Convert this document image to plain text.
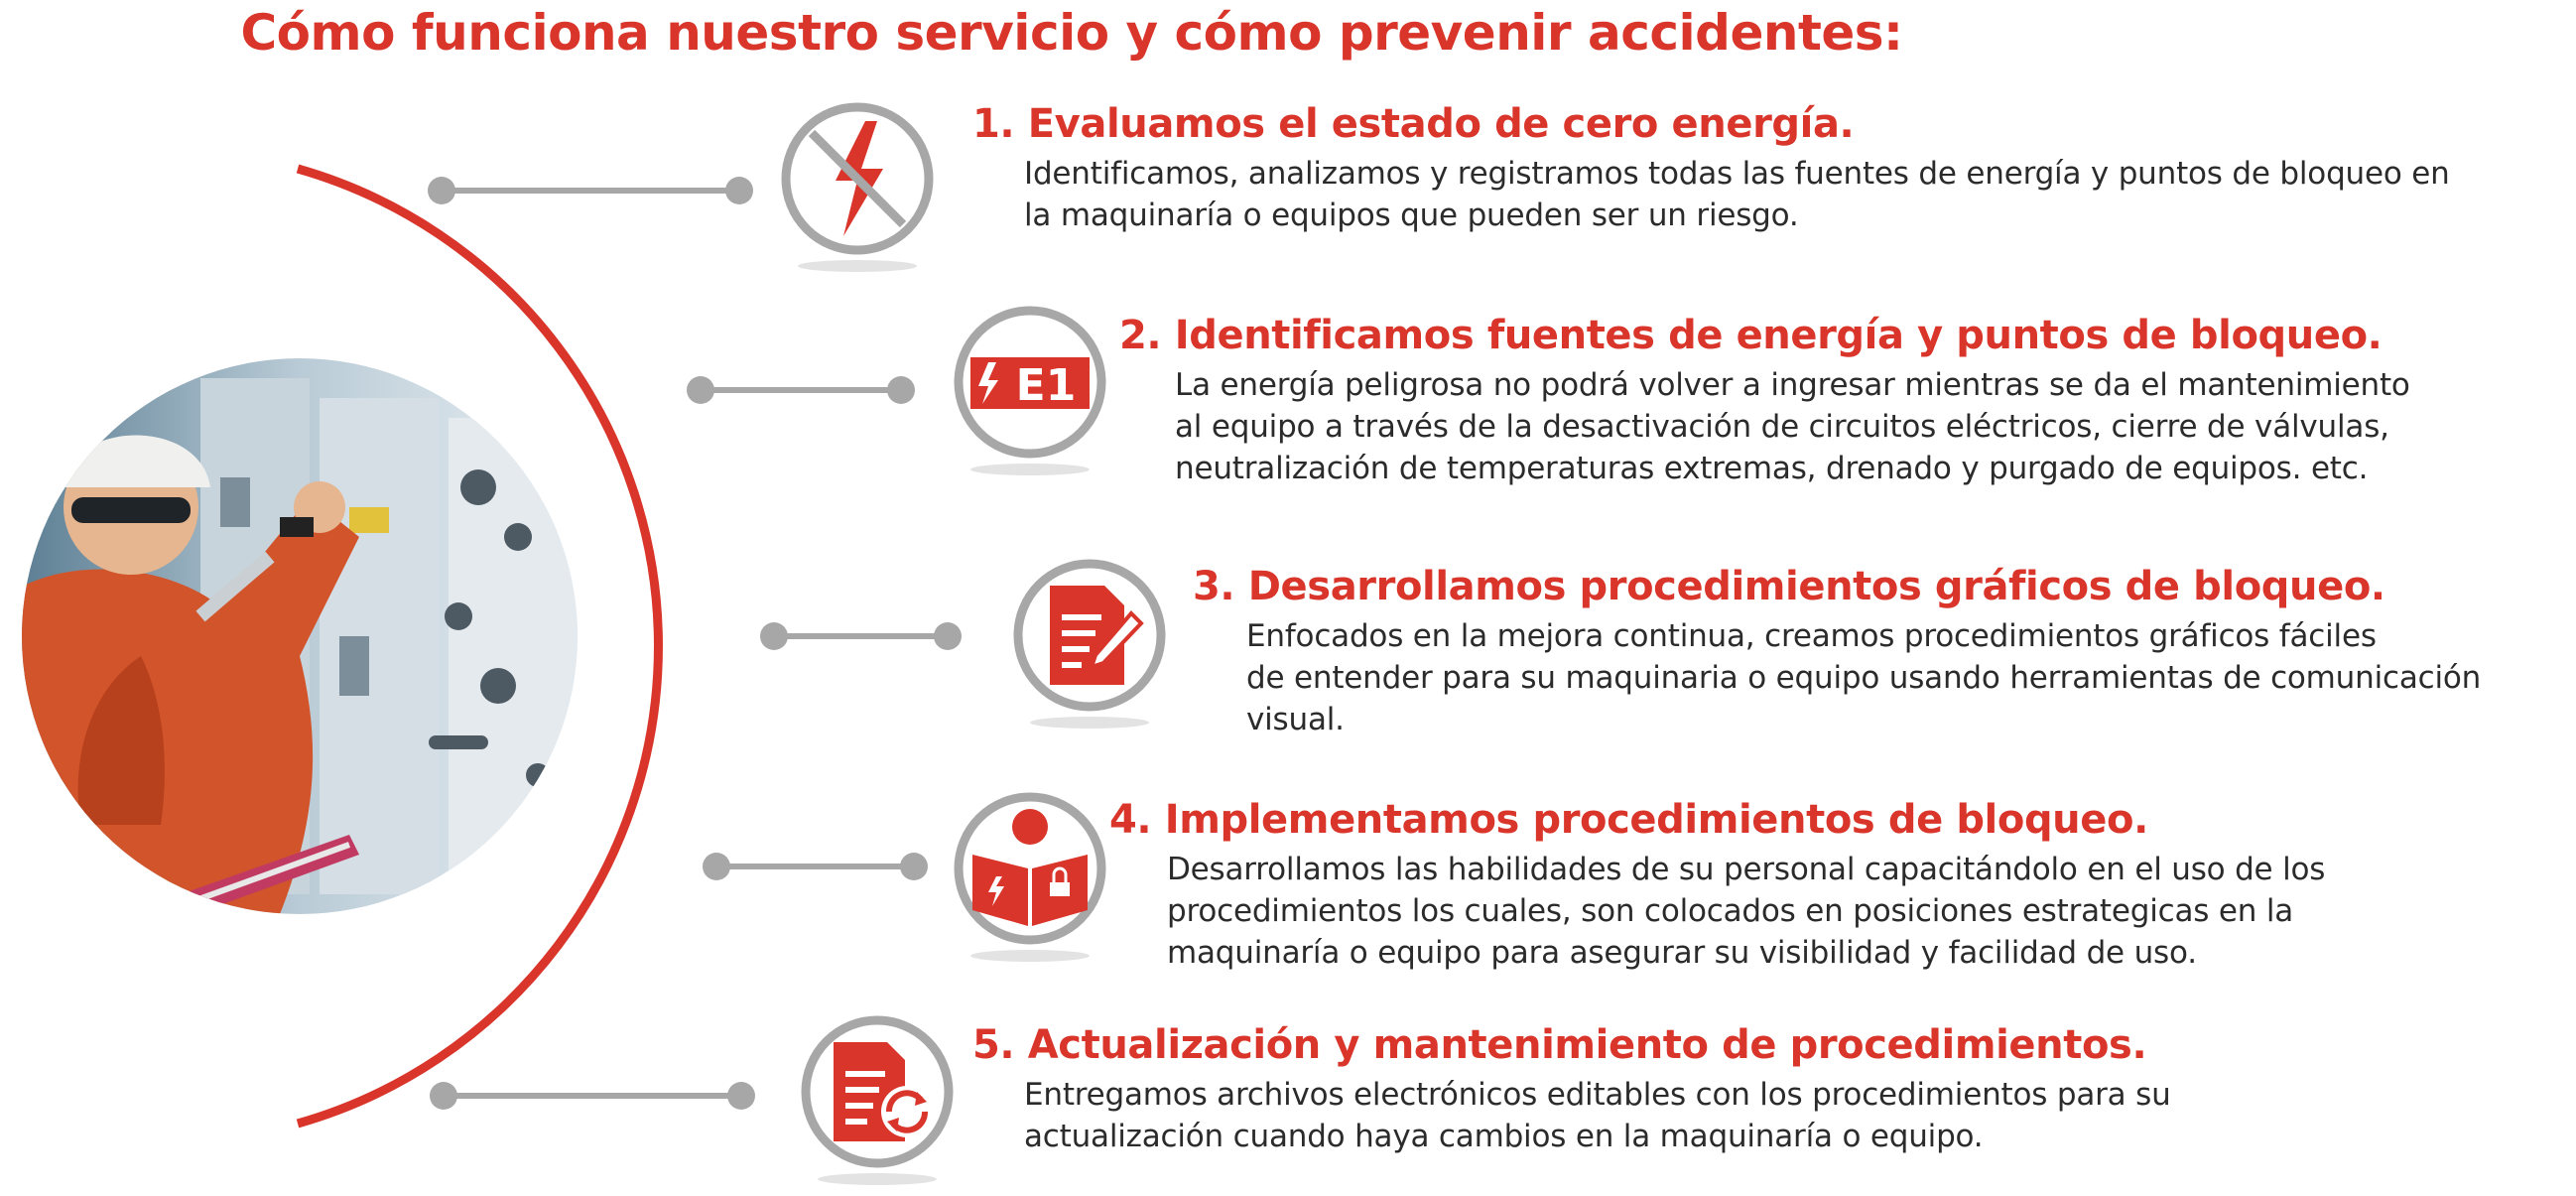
Cómo funciona nuestro servicio y cómo prevenir accidentes:
E1
1. Evaluamos el estado de cero energía.

Identificamos, analizamos y registramos todas las fuentes de energía y puntos de bloqueo en
la maquinaría o equipos que pueden ser un riesgo.

2. Identificamos fuentes de energía y puntos de bloqueo.

La energía peligrosa no podrá volver a ingresar mientras se da el mantenimiento
al equipo a través de la desactivación de circuitos eléctricos, cierre de válvulas,
neutralización de temperaturas extremas, drenado y purgado de equipos. etc.

3. Desarrollamos procedimientos gráficos de bloqueo.

Enfocados en la mejora continua, creamos procedimientos gráficos fáciles
de entender para su maquinaria o equipo usando herramientas de comunicación
visual.

4. Implementamos procedimientos de bloqueo.

Desarrollamos las habilidades de su personal capacitándolo en el uso de los
procedimientos los cuales, son colocados en posiciones estrategicas en la
maquinaría o equipo para asegurar su visibilidad y facilidad de uso.

5. Actualización y mantenimiento de procedimientos.

Entregamos archivos electrónicos editables con los procedimientos para su
actualización cuando haya cambios en la maquinaría o equipo.
